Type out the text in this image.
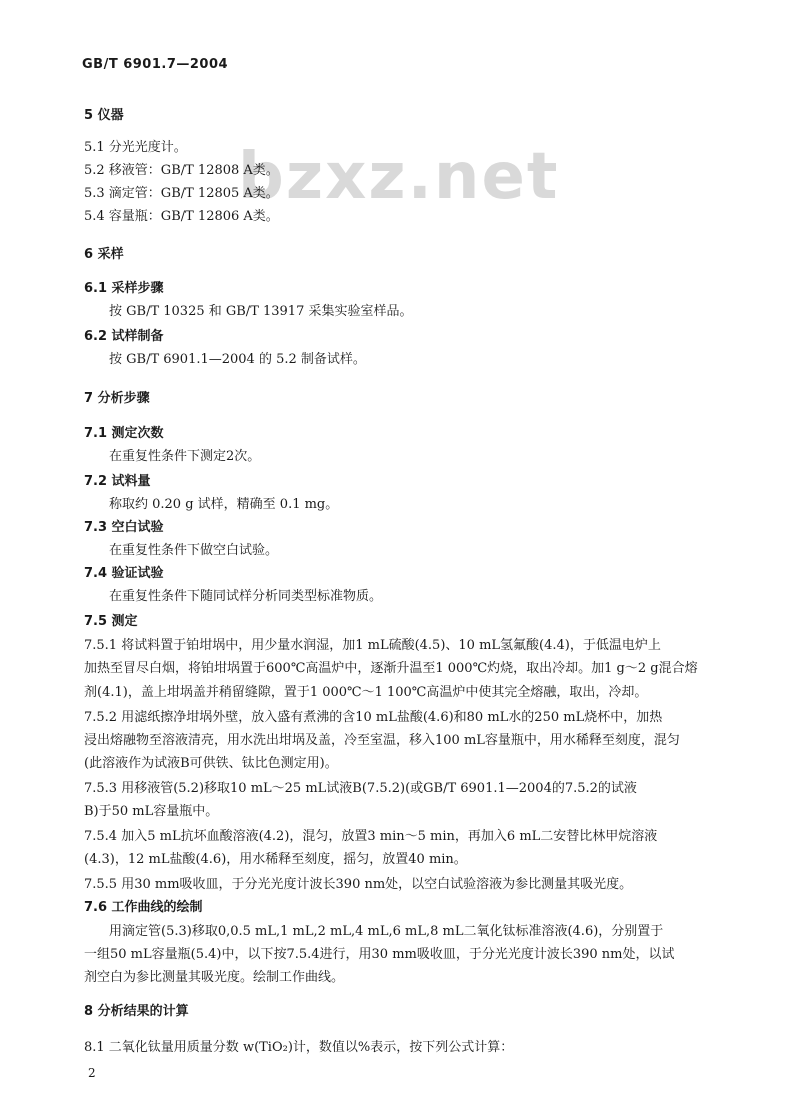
GB/T 6901.7—2004
bzxz.net
5 仪器
5.1 分光光度计。
5.2 移液管：GB/T 12808 A类。
5.3 滴定管：GB/T 12805 A类。
5.4 容量瓶：GB/T 12806 A类。
6 采样
6.1 采样步骤
按 GB/T 10325 和 GB/T 13917 采集实验室样品。
6.2 试样制备
按 GB/T 6901.1—2004 的 5.2 制备试样。
7 分析步骤
7.1 测定次数
在重复性条件下测定2次。
7.2 试料量
称取约 0.20 g 试样，精确至 0.1 mg。
7.3 空白试验
在重复性条件下做空白试验。
7.4 验证试验
在重复性条件下随同试样分析同类型标准物质。
7.5 测定
7.5.1 将试料置于铂坩埚中，用少量水润湿，加1 mL硫酸(4.5)、10 mL氢氟酸(4.4)，于低温电炉上
加热至冒尽白烟，将铂坩埚置于600℃高温炉中，逐渐升温至1 000℃灼烧，取出冷却。加1 g～2 g混合熔
剂(4.1)，盖上坩埚盖并稍留缝隙，置于1 000℃～1 100℃高温炉中使其完全熔融，取出，冷却。
7.5.2 用滤纸擦净坩埚外壁，放入盛有煮沸的含10 mL盐酸(4.6)和80 mL水的250 mL烧杯中，加热
浸出熔融物至溶液清亮，用水洗出坩埚及盖，冷至室温，移入100 mL容量瓶中，用水稀释至刻度，混匀
(此溶液作为试液B可供铁、钛比色测定用)。
7.5.3 用移液管(5.2)移取10 mL～25 mL试液B(7.5.2)(或GB/T 6901.1—2004的7.5.2的试液
B)于50 mL容量瓶中。
7.5.4 加入5 mL抗坏血酸溶液(4.2)，混匀，放置3 min～5 min，再加入6 mL二安替比林甲烷溶液
(4.3)，12 mL盐酸(4.6)，用水稀释至刻度，摇匀，放置40 min。
7.5.5 用30 mm吸收皿，于分光光度计波长390 nm处，以空白试验溶液为参比测量其吸光度。
7.6 工作曲线的绘制
用滴定管(5.3)移取0,0.5 mL,1 mL,2 mL,4 mL,6 mL,8 mL二氧化钛标准溶液(4.6)，分别置于
一组50 mL容量瓶(5.4)中，以下按7.5.4进行，用30 mm吸收皿，于分光光度计波长390 nm处，以试
剂空白为参比测量其吸光度。绘制工作曲线。
8 分析结果的计算
8.1 二氧化钛量用质量分数 w(TiO₂)计，数值以%表示，按下列公式计算：
2
